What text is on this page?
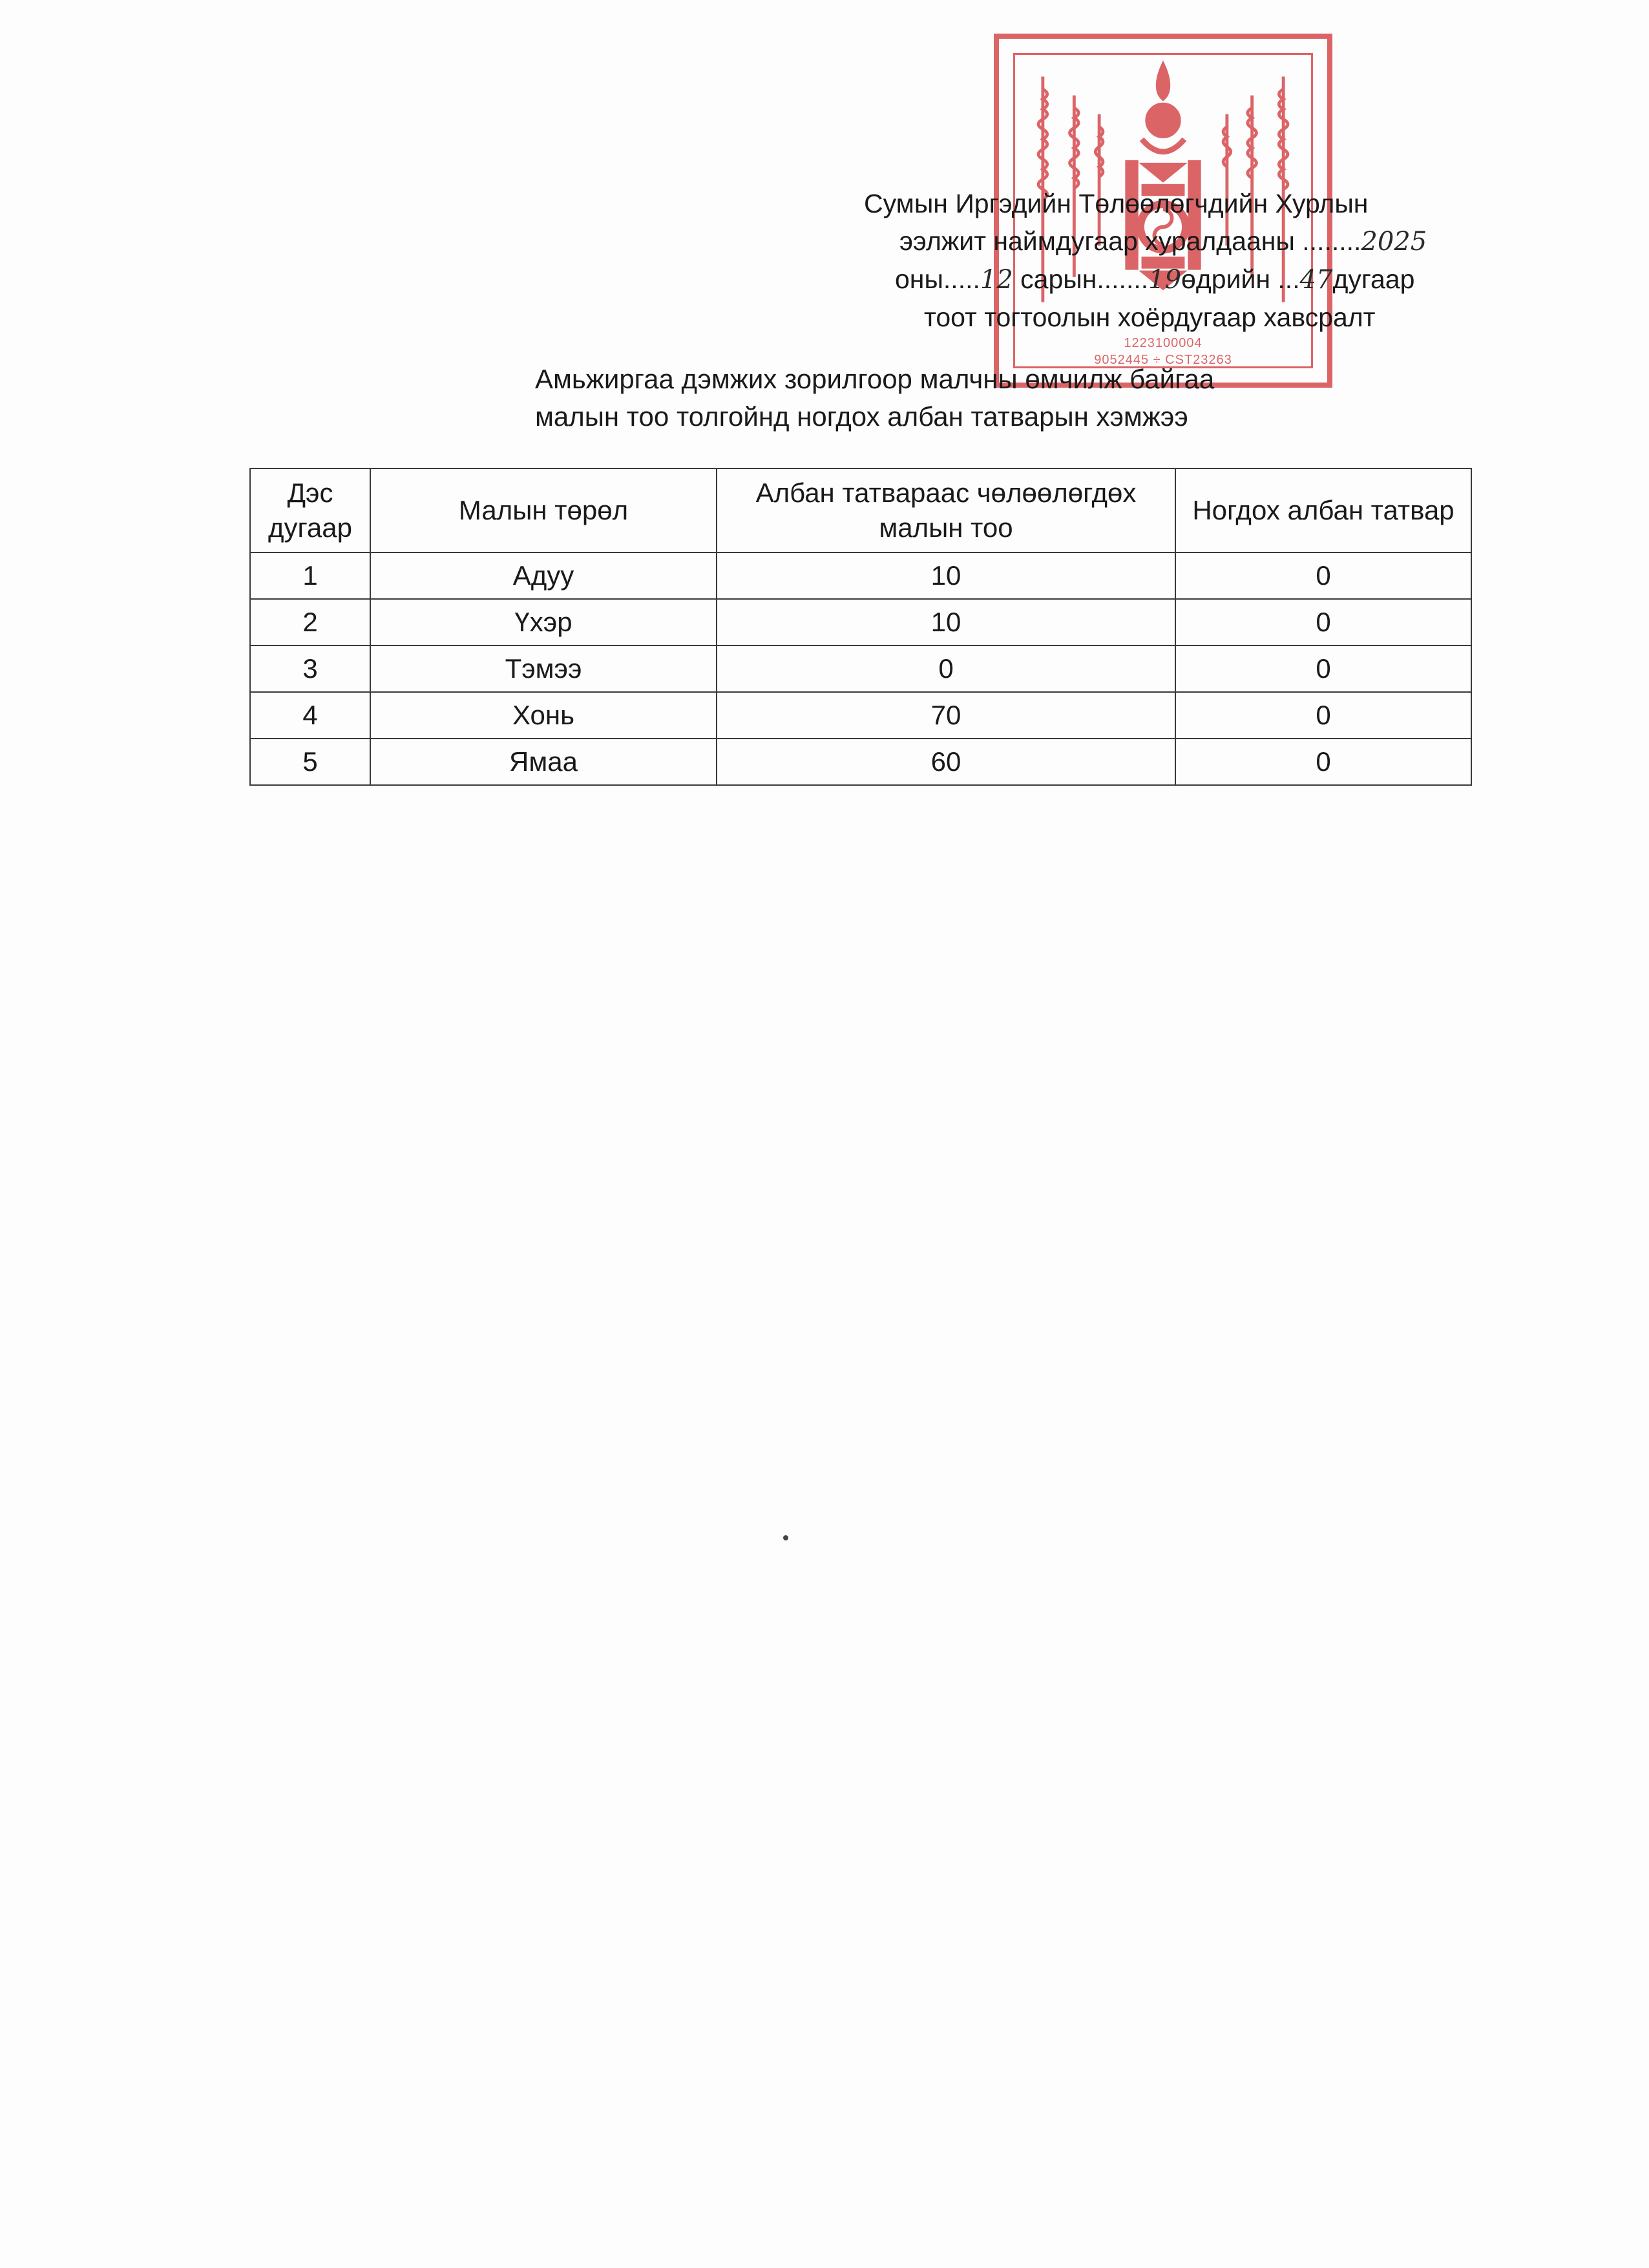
1223100004
9052445 ÷ CST23263
Сумын Иргэдийн Төлөөлөгчдийн Хурлын
ээлжит наймдугаар хуралдааны ........2025
оны.....12 сарын.......19өдрийн ...47дугаар
тоот тогтоолын хоёрдугаар хавсралт
Амьжиргаа дэмжих зорилгоор малчны өмчилж байгаа
малын тоо толгойнд ногдох албан татварын хэмжээ
Дэс дугаар	Малын төрөл	Албан татвараас чөлөөлөгдөх малын тоо	Ногдох албан татвар
1	Адуу	10	0
2	Үхэр	10	0
3	Тэмээ	0	0
4	Хонь	70	0
5	Ямаа	60	0
